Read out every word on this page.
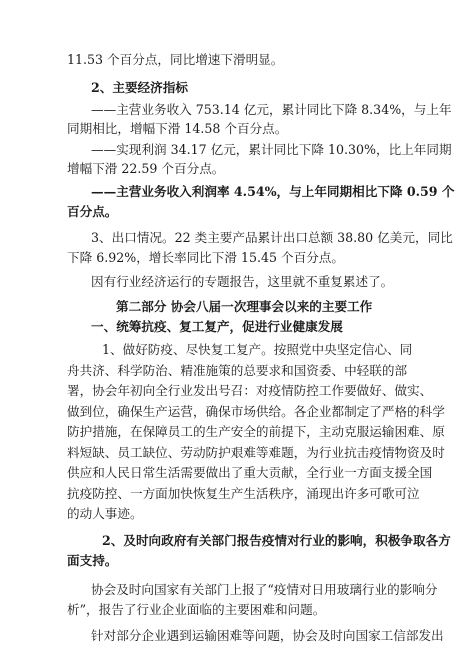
11.53 个百分点，同比增速下滑明显。

2、主要经济指标

——主营业务收入 753.14 亿元，累计同比下降 8.34%，与上年

同期相比，增幅下滑 14.58 个百分点。

——实现利润 34.17 亿元，累计同比下降 10.30%，比上年同期

增幅下滑 22.59 个百分点。

——主营业务收入利润率 4.54%，与上年同期相比下降 0.59 个

百分点。

3、出口情况。22 类主要产品累计出口总额 38.80 亿美元，同比

下降 6.92%，增长率同比下滑 15.45 个百分点。

因有行业经济运行的专题报告，这里就不重复累述了。

第二部分 协会八届一次理事会以来的主要工作

一、统筹抗疫、复工复产，促进行业健康发展

1、做好防疫、尽快复工复产。按照党中央坚定信心、同

舟共济、科学防治、精准施策的总要求和国资委、中轻联的部

署，协会年初向全行业发出号召：对疫情防控工作要做好、做实、

做到位，确保生产运营，确保市场供给。各企业都制定了严格的科学

防护措施，在保障员工的生产安全的前提下，主动克服运输困难、原

料短缺、员工缺位、劳动防护艰难等难题，为行业抗击疫情物资及时

供应和人民日常生活需要做出了重大贡献，全行业一方面支援全国

抗疫防控、一方面加快恢复生产生活秩序，涌现出许多可歌可泣

的动人事迹。

2、及时向政府有关部门报告疫情对行业的影响，积极争取各方

面支持。

协会及时向国家有关部门上报了“疫情对日用玻璃行业的影响分

析”，报告了行业企业面临的主要困难和问题。

针对部分企业遇到运输困难等问题，协会及时向国家工信部发出
